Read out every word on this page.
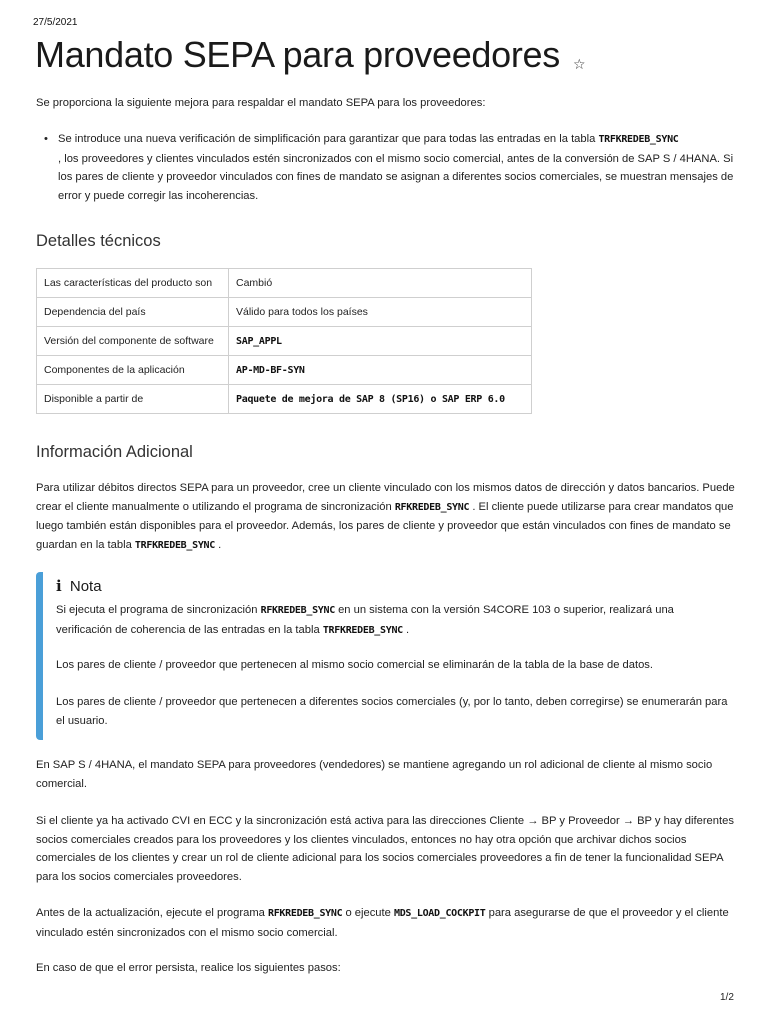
27/5/2021
Mandato SEPA para proveedores ☆

Se proporciona la siguiente mejora para respaldar el mandato SEPA para los proveedores:

• Se introduce una nueva verificación de simplificación para garantizar que para todas las entradas en la tabla TRFKREDEB_SYNC
, los proveedores y clientes vinculados estén sincronizados con el mismo socio comercial, antes de la conversión de SAP S / 4HANA. Si los pares de cliente y proveedor vinculados con fines de mandato se asignan a diferentes socios comerciales, se muestran mensajes de error y puede corregir las incoherencias.
Detalles técnicos
Las características del producto son	Cambió
Dependencia del país	Válido para todos los países
Versión del componente de software	SAP_APPL
Componentes de la aplicación	AP-MD-BF-SYN
Disponible a partir de	Paquete de mejora de SAP 8 (SP16) o SAP ERP 6.0
Información Adicional

Para utilizar débitos directos SEPA para un proveedor, cree un cliente vinculado con los mismos datos de dirección y datos bancarios. Puede crear el cliente manualmente o utilizando el programa de sincronización RFKREDEB_SYNC . El cliente puede utilizarse para crear mandatos que luego también están disponibles para el proveedor. Además, los pares de cliente y proveedor que están vinculados con fines de mandato se guardan en la tabla TRFKREDEB_SYNC .

i Nota

Si ejecuta el programa de sincronización RFKREDEB_SYNC en un sistema con la versión S4CORE 103 o superior, realizará una verificación de coherencia de las entradas en la tabla TRFKREDEB_SYNC .

Los pares de cliente / proveedor que pertenecen al mismo socio comercial se eliminarán de la tabla de la base de datos.

Los pares de cliente / proveedor que pertenecen a diferentes socios comerciales (y, por lo tanto, deben corregirse) se enumerarán para el usuario.

En SAP S / 4HANA, el mandato SEPA para proveedores (vendedores) se mantiene agregando un rol adicional de cliente al mismo socio comercial.

Si el cliente ya ha activado CVI en ECC y la sincronización está activa para las direcciones Cliente → BP y Proveedor → BP y hay diferentes socios comerciales creados para los proveedores y los clientes vinculados, entonces no hay otra opción que archivar dichos socios comerciales de los clientes y crear un rol de cliente adicional para los socios comerciales proveedores a fin de tener la funcionalidad SEPA para los socios comerciales proveedores.

Antes de la actualización, ejecute el programa RFKREDEB_SYNC o ejecute MDS_LOAD_COCKPIT para asegurarse de que el proveedor y el cliente vinculado estén sincronizados con el mismo socio comercial.

En caso de que el error persista, realice los siguientes pasos:

1/2
